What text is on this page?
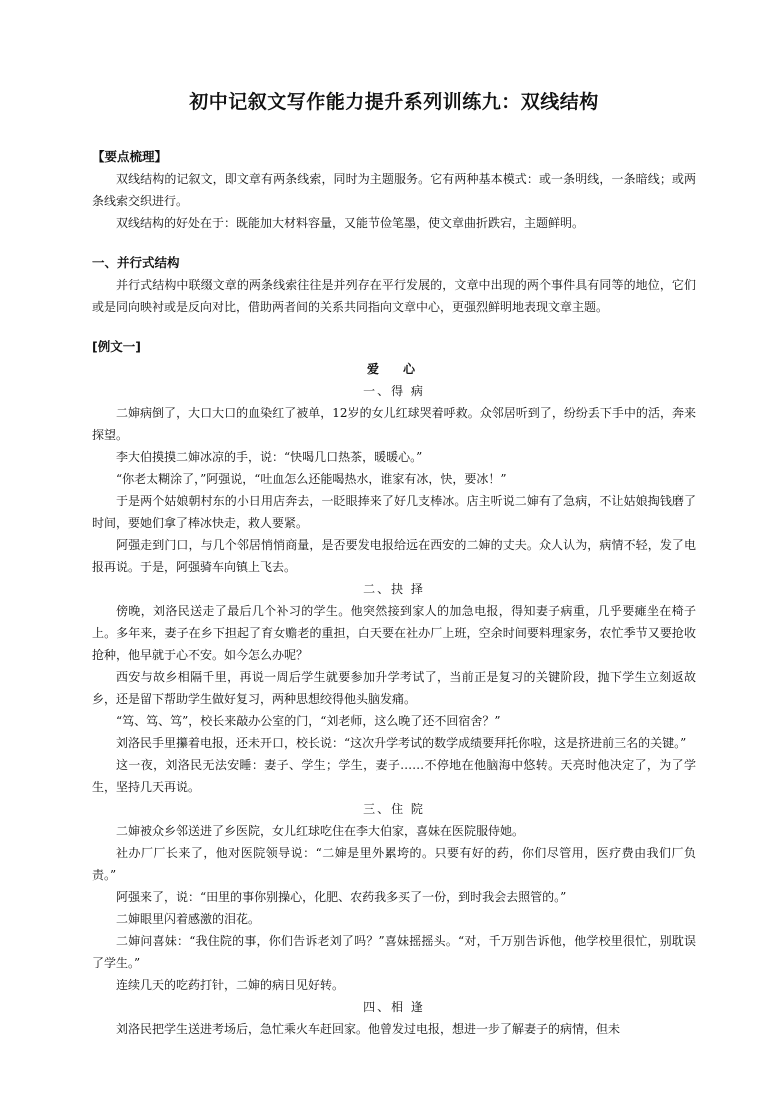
初中记叙文写作能力提升系列训练九：双线结构
【要点梳理】

双线结构的记叙文，即文章有两条线索，同时为主题服务。它有两种基本模式：或一条明线，一条暗线；或两条线索交织进行。

双线结构的好处在于：既能加大材料容量，又能节俭笔墨，使文章曲折跌宕，主题鲜明。

一、并行式结构

并行式结构中联缀文章的两条线索往往是并列存在平行发展的，文章中出现的两个事件具有同等的地位，它们或是同向映衬或是反向对比，借助两者间的关系共同指向文章中心，更强烈鲜明地表现文章主题。

[例文一]
爱　心
一、得 病

二婶病倒了，大口大口的血染红了被单，12岁的女儿红球哭着呼救。众邻居听到了，纷纷丢下手中的活，奔来探望。

李大伯摸摸二婶冰凉的手，说：“快喝几口热茶，暖暖心。”

“你老太糊涂了，”阿强说，“吐血怎么还能喝热水，谁家有冰，快，要冰！”

于是两个姑娘朝村东的小日用店奔去，一眨眼捧来了好几支棒冰。店主听说二婶有了急病，不让姑娘掏钱磨了时间，要她们拿了棒冰快走，救人要紧。

阿强走到门口，与几个邻居悄悄商量，是否要发电报给远在西安的二婶的丈夫。众人认为，病情不轻，发了电报再说。于是，阿强骑车向镇上飞去。

二、抉 择

傍晚，刘洛民送走了最后几个补习的学生。他突然接到家人的加急电报，得知妻子病重，几乎要瘫坐在椅子上。多年来，妻子在乡下担起了育女赡老的重担，白天要在社办厂上班，空余时间要料理家务，农忙季节又要抢收抢种，他早就于心不安。如今怎么办呢？

西安与故乡相隔千里，再说一周后学生就要参加升学考试了，当前正是复习的关键阶段，抛下学生立刻返故乡，还是留下帮助学生做好复习，两种思想绞得他头脑发痛。

“笃、笃、笃”，校长来敲办公室的门，“刘老师，这么晚了还不回宿舍？”

刘洛民手里攥着电报，还未开口，校长说：“这次升学考试的数学成绩要拜托你啦，这是挤进前三名的关键。”

这一夜，刘洛民无法安睡：妻子、学生；学生，妻子……不停地在他脑海中悠转。天亮时他决定了，为了学生，坚持几天再说。

三、住 院

二婶被众乡邻送进了乡医院，女儿红球吃住在李大伯家，喜妹在医院服侍她。

社办厂厂长来了，他对医院领导说：“二婶是里外累垮的。只要有好的药，你们尽管用，医疗费由我们厂负责。”

阿强来了，说：“田里的事你别操心，化肥、农药我多买了一份，到时我会去照管的。”

二婶眼里闪着感激的泪花。

二婶问喜妹：“我住院的事，你们告诉老刘了吗？”喜妹摇摇头。“对，千万别告诉他，他学校里很忙，别耽误了学生。”

连续几天的吃药打针，二婶的病日见好转。

四、相 逢

刘洛民把学生送进考场后，急忙乘火车赶回家。他曾发过电报，想进一步了解妻子的病情，但未
